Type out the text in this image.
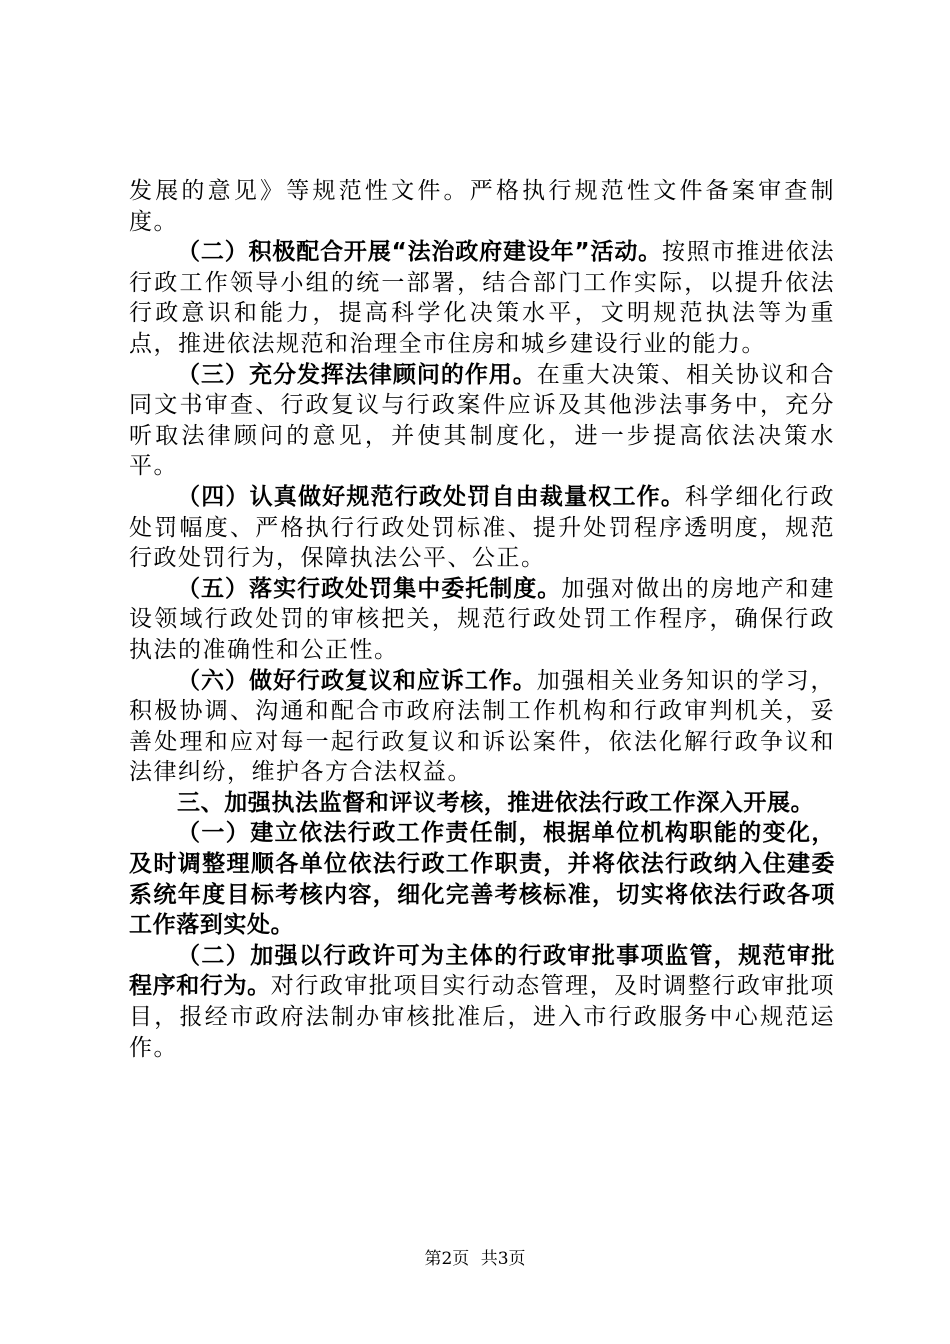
发展的意见》等规范性文件。严格执行规范性文件备案审查制度。

（二）积极配合开展“法治政府建设年”活动。按照市推进依法行政工作领导小组的统一部署，结合部门工作实际，以提升依法行政意识和能力，提高科学化决策水平，文明规范执法等为重点，推进依法规范和治理全市住房和城乡建设行业的能力。

（三）充分发挥法律顾问的作用。在重大决策、相关协议和合同文书审查、行政复议与行政案件应诉及其他涉法事务中，充分听取法律顾问的意见，并使其制度化，进一步提高依法决策水平。

（四）认真做好规范行政处罚自由裁量权工作。科学细化行政处罚幅度、严格执行行政处罚标准、提升处罚程序透明度，规范行政处罚行为，保障执法公平、公正。

（五）落实行政处罚集中委托制度。加强对做出的房地产和建设领域行政处罚的审核把关，规范行政处罚工作程序，确保行政执法的准确性和公正性。

（六）做好行政复议和应诉工作。加强相关业务知识的学习，积极协调、沟通和配合市政府法制工作机构和行政审判机关，妥善处理和应对每一起行政复议和诉讼案件，依法化解行政争议和法律纠纷，维护各方合法权益。

三、加强执法监督和评议考核，推进依法行政工作深入开展。

（一）建立依法行政工作责任制，根据单位机构职能的变化，及时调整理顺各单位依法行政工作职责，并将依法行政纳入住建委系统年度目标考核内容，细化完善考核标准，切实将依法行政各项工作落到实处。

（二）加强以行政许可为主体的行政审批事项监管，规范审批程序和行为。对行政审批项目实行动态管理，及时调整行政审批项目，报经市政府法制办审核批准后，进入市行政服务中心规范运作。

第2页 共3页
